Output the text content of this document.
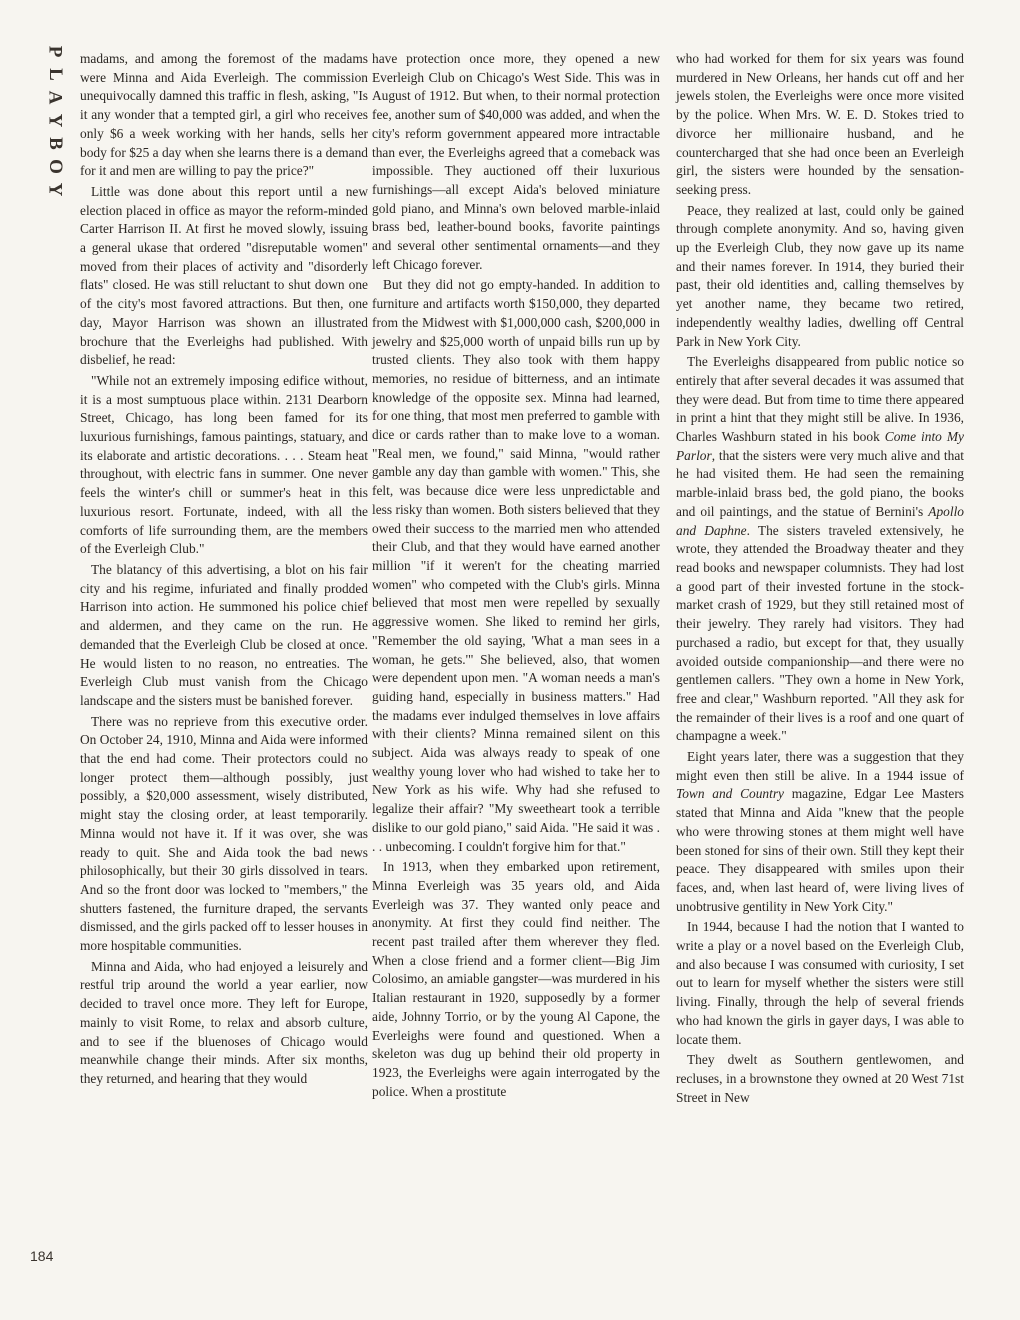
P
L
A
Y
B
O
Y

madams, and among the foremost of the madams were Minna and Aida Everleigh. The commission unequivocally damned this traffic in flesh, asking, "Is it any wonder that a tempted girl, a girl who receives only $6 a week working with her hands, sells her body for $25 a day when she learns there is a demand for it and men are willing to pay the price?"

Little was done about this report until a new election placed in office as mayor the reform-minded Carter Harrison II. At first he moved slowly, issuing a general ukase that ordered "disreputable women" moved from their places of activity and "disorderly flats" closed. He was still reluctant to shut down one of the city's most favored attractions. But then, one day, Mayor Harrison was shown an illustrated brochure that the Everleighs had published. With disbelief, he read:

"While not an extremely imposing edifice without, it is a most sumptuous place within. 2131 Dearborn Street, Chicago, has long been famed for its luxurious furnishings, famous paintings, statuary, and its elaborate and artistic decorations. . . . Steam heat throughout, with electric fans in summer. One never feels the winter's chill or summer's heat in this luxurious resort. Fortunate, indeed, with all the comforts of life surrounding them, are the members of the Everleigh Club."

The blatancy of this advertising, a blot on his fair city and his regime, infuriated and finally prodded Harrison into action. He summoned his police chief and aldermen, and they came on the run. He demanded that the Everleigh Club be closed at once. He would listen to no reason, no entreaties. The Everleigh Club must vanish from the Chicago landscape and the sisters must be banished forever.

There was no reprieve from this executive order. On October 24, 1910, Minna and Aida were informed that the end had come. Their protectors could no longer protect them—although possibly, just possibly, a $20,000 assessment, wisely distributed, might stay the closing order, at least temporarily. Minna would not have it. If it was over, she was ready to quit. She and Aida took the bad news philosophically, but their 30 girls dissolved in tears. And so the front door was locked to "members," the shutters fastened, the furniture draped, the servants dismissed, and the girls packed off to lesser houses in more hospitable communities.

Minna and Aida, who had enjoyed a leisurely and restful trip around the world a year earlier, now decided to travel once more. They left for Europe, mainly to visit Rome, to relax and absorb culture, and to see if the bluenoses of Chicago would meanwhile change their minds. After six months, they returned, and hearing that they would

have protection once more, they opened a new Everleigh Club on Chicago's West Side. This was in August of 1912. But when, to their normal protection fee, another sum of $40,000 was added, and when the city's reform government appeared more intractable than ever, the Everleighs agreed that a comeback was impossible. They auctioned off their luxurious furnishings—all except Aida's beloved miniature gold piano, and Minna's own beloved marble-inlaid brass bed, leather-bound books, favorite paintings and several other sentimental ornaments—and they left Chicago forever.

But they did not go empty-handed. In addition to furniture and artifacts worth $150,000, they departed from the Midwest with $1,000,000 cash, $200,000 in jewelry and $25,000 worth of unpaid bills run up by trusted clients. They also took with them happy memories, no residue of bitterness, and an intimate knowledge of the opposite sex. Minna had learned, for one thing, that most men preferred to gamble with dice or cards rather than to make love to a woman. "Real men, we found," said Minna, "would rather gamble any day than gamble with women." This, she felt, was because dice were less unpredictable and less risky than women. Both sisters believed that they owed their success to the married men who attended their Club, and that they would have earned another million "if it weren't for the cheating married women" who competed with the Club's girls. Minna believed that most men were repelled by sexually aggressive women. She liked to remind her girls, "Remember the old saying, 'What a man sees in a woman, he gets.'" She believed, also, that women were dependent upon men. "A woman needs a man's guiding hand, especially in business matters." Had the madams ever indulged themselves in love affairs with their clients? Minna remained silent on this subject. Aida was always ready to speak of one wealthy young lover who had wished to take her to New York as his wife. Why had she refused to legalize their affair? "My sweetheart took a terrible dislike to our gold piano," said Aida. "He said it was . . . unbecoming. I couldn't forgive him for that."

In 1913, when they embarked upon retirement, Minna Everleigh was 35 years old, and Aida Everleigh was 37. They wanted only peace and anonymity. At first they could find neither. The recent past trailed after them wherever they fled. When a close friend and a former client—Big Jim Colosimo, an amiable gangster—was murdered in his Italian restaurant in 1920, supposedly by a former aide, Johnny Torrio, or by the young Al Capone, the Everleighs were found and questioned. When a skeleton was dug up behind their old property in 1923, the Everleighs were again interrogated by the police. When a prostitute

who had worked for them for six years was found murdered in New Orleans, her hands cut off and her jewels stolen, the Everleighs were once more visited by the police. When Mrs. W. E. D. Stokes tried to divorce her millionaire husband, and he countercharged that she had once been an Everleigh girl, the sisters were hounded by the sensation-seeking press.

Peace, they realized at last, could only be gained through complete anonymity. And so, having given up the Everleigh Club, they now gave up its name and their names forever. In 1914, they buried their past, their old identities and, calling themselves by yet another name, they became two retired, independently wealthy ladies, dwelling off Central Park in New York City.

The Everleighs disappeared from public notice so entirely that after several decades it was assumed that they were dead. But from time to time there appeared in print a hint that they might still be alive. In 1936, Charles Washburn stated in his book Come into My Parlor, that the sisters were very much alive and that he had visited them. He had seen the remaining marble-inlaid brass bed, the gold piano, the books and oil paintings, and the statue of Bernini's Apollo and Daphne. The sisters traveled extensively, he wrote, they attended the Broadway theater and they read books and newspaper columnists. They had lost a good part of their invested fortune in the stock-market crash of 1929, but they still retained most of their jewelry. They rarely had visitors. They had purchased a radio, but except for that, they usually avoided outside companionship—and there were no gentlemen callers. "They own a home in New York, free and clear," Washburn reported. "All they ask for the remainder of their lives is a roof and one quart of champagne a week."

Eight years later, there was a suggestion that they might even then still be alive. In a 1944 issue of Town and Country magazine, Edgar Lee Masters stated that Minna and Aida "knew that the people who were throwing stones at them might well have been stoned for sins of their own. Still they kept their peace. They disappeared with smiles upon their faces, and, when last heard of, were living lives of unobtrusive gentility in New York City."

In 1944, because I had the notion that I wanted to write a play or a novel based on the Everleigh Club, and also because I was consumed with curiosity, I set out to learn for myself whether the sisters were still living. Finally, through the help of several friends who had known the girls in gayer days, I was able to locate them.

They dwelt as Southern gentlewomen, and recluses, in a brownstone they owned at 20 West 71st Street in New

184
